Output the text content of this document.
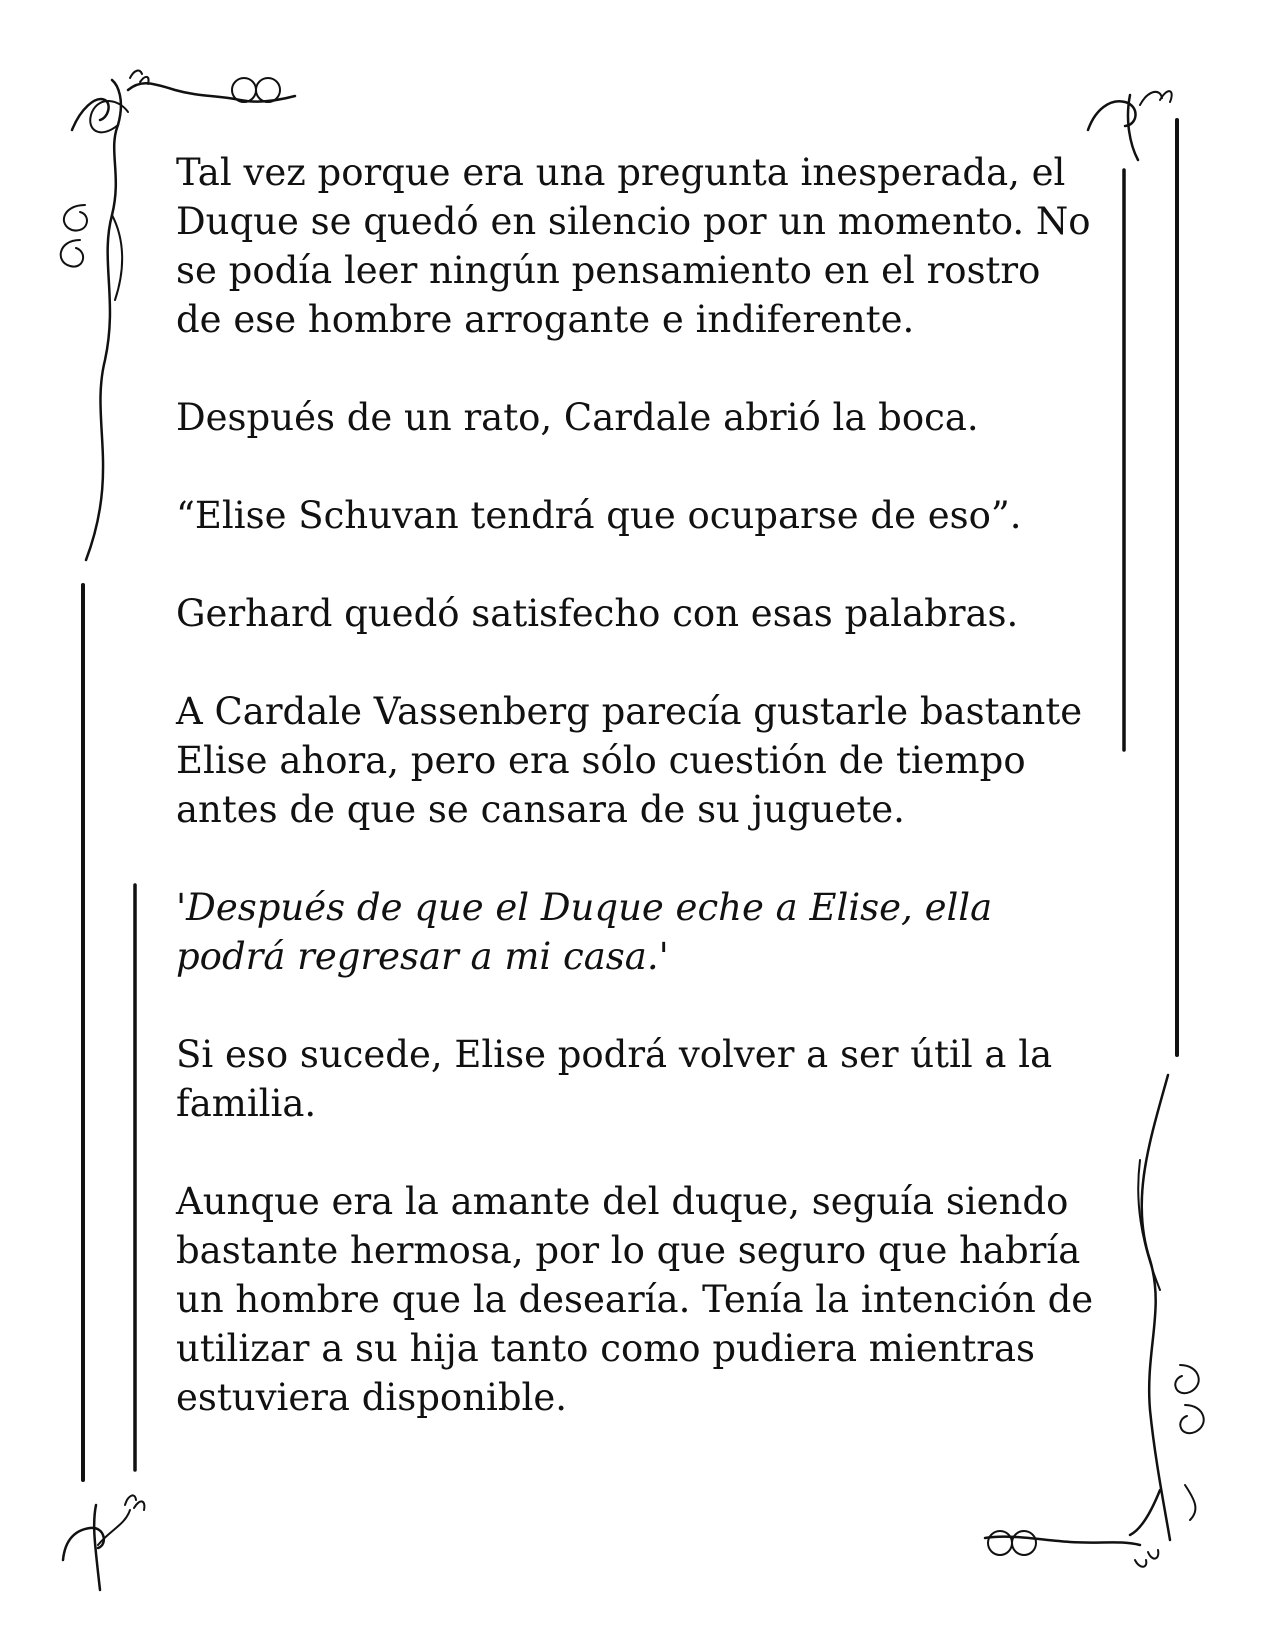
Tal vez porque era una pregunta inesperada, el Duque se quedó en silencio por un momento. No se podía leer ningún pensamiento en el rostro de ese hombre arrogante e indiferente.

Después de un rato, Cardale abrió la boca.

“Elise Schuvan tendrá que ocuparse de eso”.

Gerhard quedó satisfecho con esas palabras.

A Cardale Vassenberg parecía gustarle bastante Elise ahora, pero era sólo cuestión de tiempo antes de que se cansara de su juguete.

'Después de que el Duque eche a Elise, ella podrá regresar a mi casa.'

Si eso sucede, Elise podrá volver a ser útil a la familia.

Aunque era la amante del duque, seguía siendo bastante hermosa, por lo que seguro que habría un hombre que la desearía. Tenía la intención de utilizar a su hija tanto como pudiera mientras estuviera disponible.
